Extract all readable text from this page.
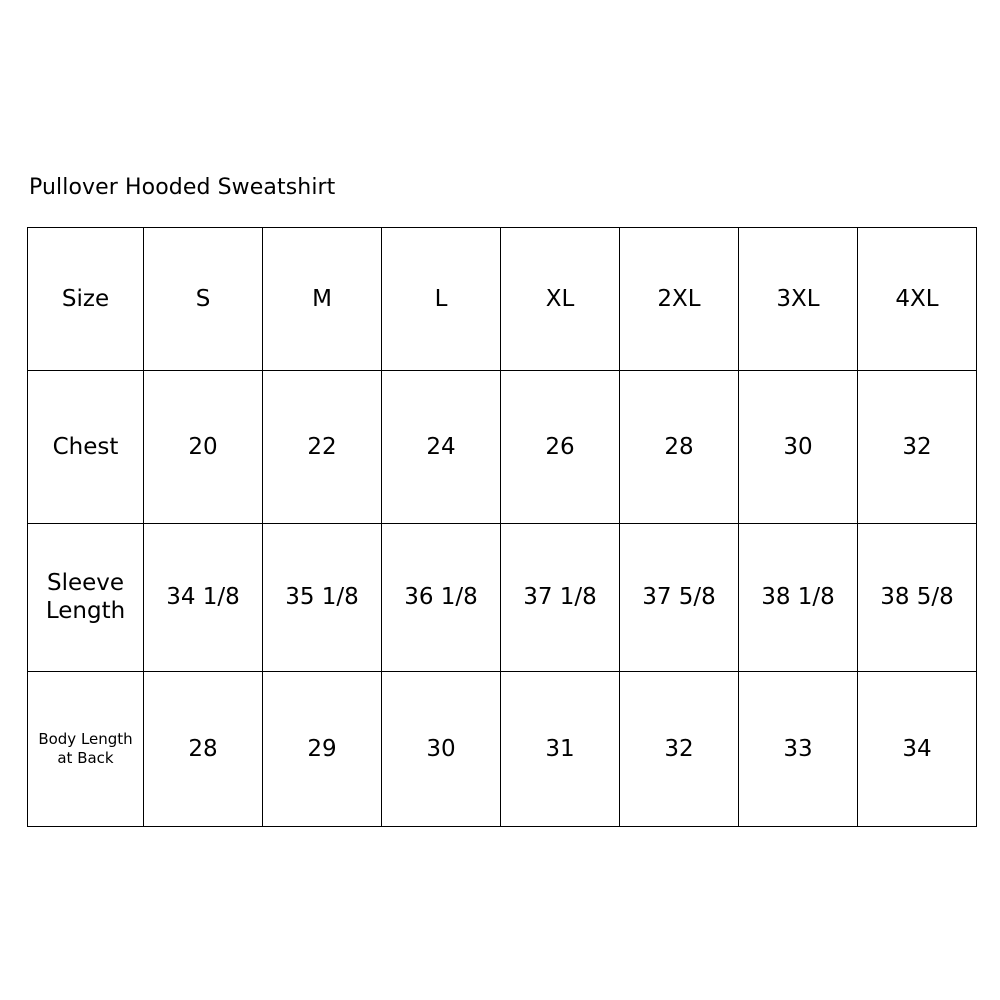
Pullover Hooded Sweatshirt
Size	S	M	L	XL	2XL	3XL	4XL
Chest	20	22	24	26	28	30	32

Sleeve
Length	34 1/8	35 1/8	36 1/8	37 1/8	37 5/8	38 1/8	38 5/8

Body Length
at Back	28	29	30	31	32	33	34
